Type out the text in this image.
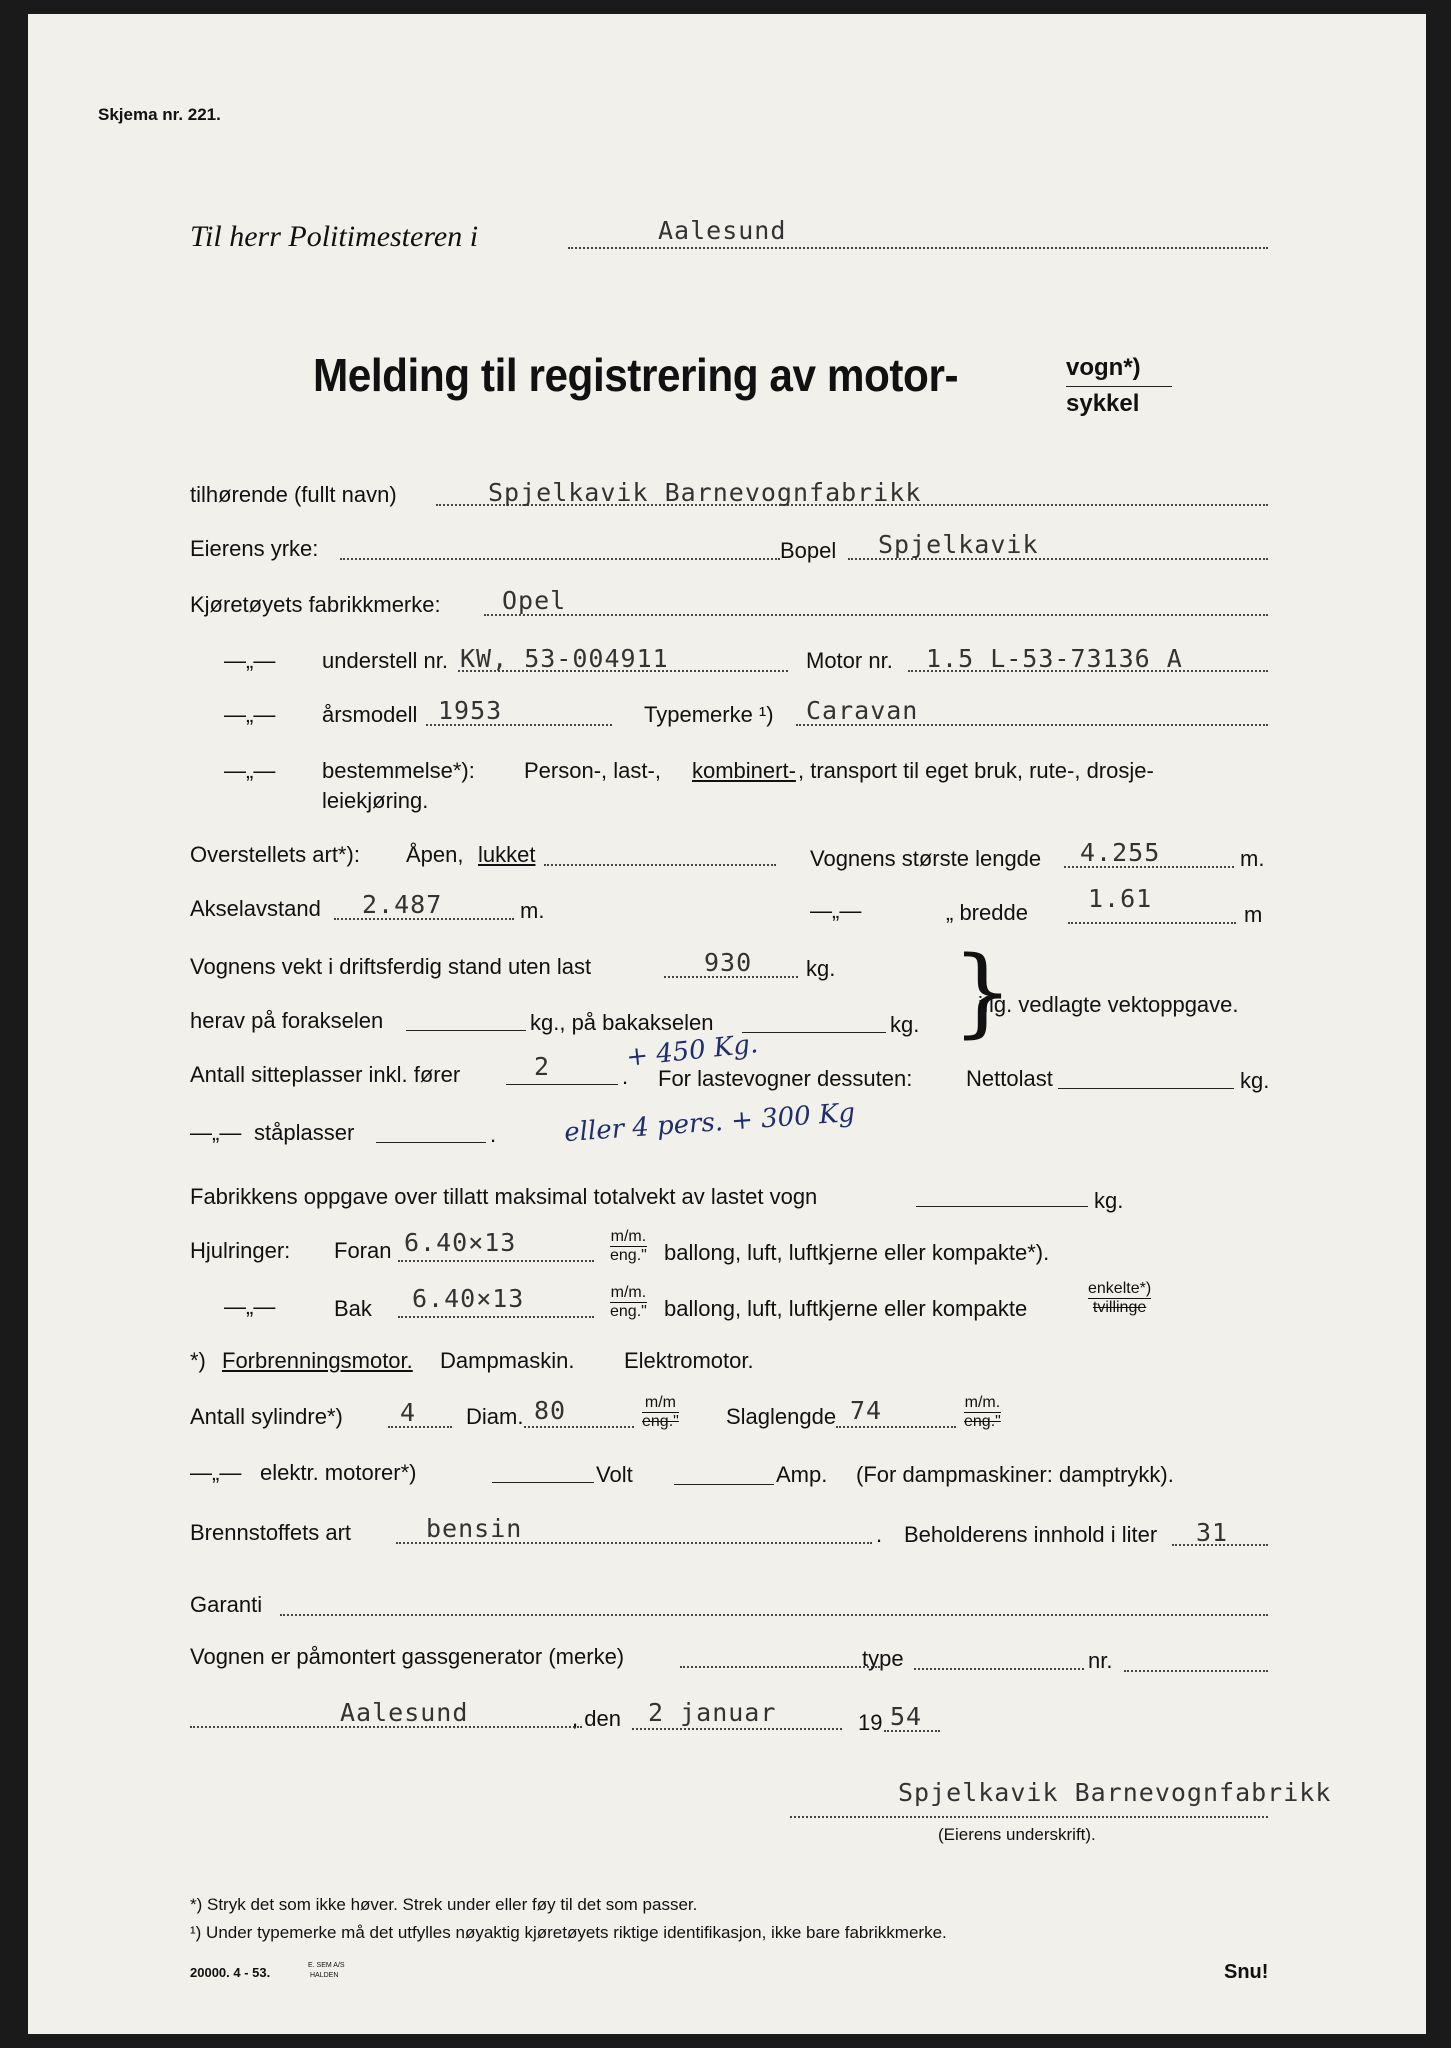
Skjema nr. 221.
Til herr Politimesteren i	Aalesund
Melding til registrering av motor-	vogn*)
sykkel
tilhørende (fullt navn)	Spjelkavik Barnevognfabrikk
Eierens yrke:	Bopel Spjelkavik
Kjøretøyets fabrikkmerke: Opel
—„— understell nr. KW, 53-004911	Motor nr. 1.5 L-53-73136 A
—„— årsmodell 1953	Typemerke ¹) Caravan
—„— bestemmelse*): Person-, last-, kombinert- , transport til eget bruk, rute-, drosje-
leiekjøring.
Overstellets art*): Åpen, lukket	Vognens største lengde 4.255	m.
Akselavstand 2.487	m.	—„—	„ bredde 1.61
m
Vognens vekt i driftsferdig stand uten last	930 kg. }
iflg. vedlagte vektoppgave.
herav på forakselen	kg., på bakakselen	kg.
Antall sitteplasser inkl. fører	2	.
+ 450 Kg.
For lastevogner dessuten: Nettolast	kg.
—„— ståplasser	.	eller 4 pers. + 300 Kg
Fabrikkens oppgave over tillatt maksimal totalvekt av lastet vogn	kg.
Hjulringer: Foran 6.40×13	m/m.
eng." ballong, luft, luftkjerne eller kompakte*).
—„—	Bak 6.40×13	m/m.
eng." ballong, luft, luftkjerne eller kompakte
enkelte*)
tvillinge
*) Forbrenningsmotor. Dampmaskin. Elektromotor.
Antall sylindre*) 4 Diam. 80	m/m
eng." Slaglengde 74	m/m.
eng."
—„— elektr. motorer*)	Volt	Amp. (For dampmaskiner: damptrykk).
Brennstoffets art	bensin	. Beholderens innhold i liter 31
Garanti
Vognen er påmontert gassgenerator (merke)	type	nr.
Aalesund	, den 2 januar	19 54
Spjelkavik Barnevognfabrikk
(Eierens underskrift).
*) Stryk det som ikke høver. Strek under eller føy til det som passer.
¹) Under typemerke må det utfylles nøyaktig kjøretøyets riktige identifikasjon, ikke bare fabrikkmerke.
20000. 4 - 53.	E. SEM A/S
HALDEN	Snu!
